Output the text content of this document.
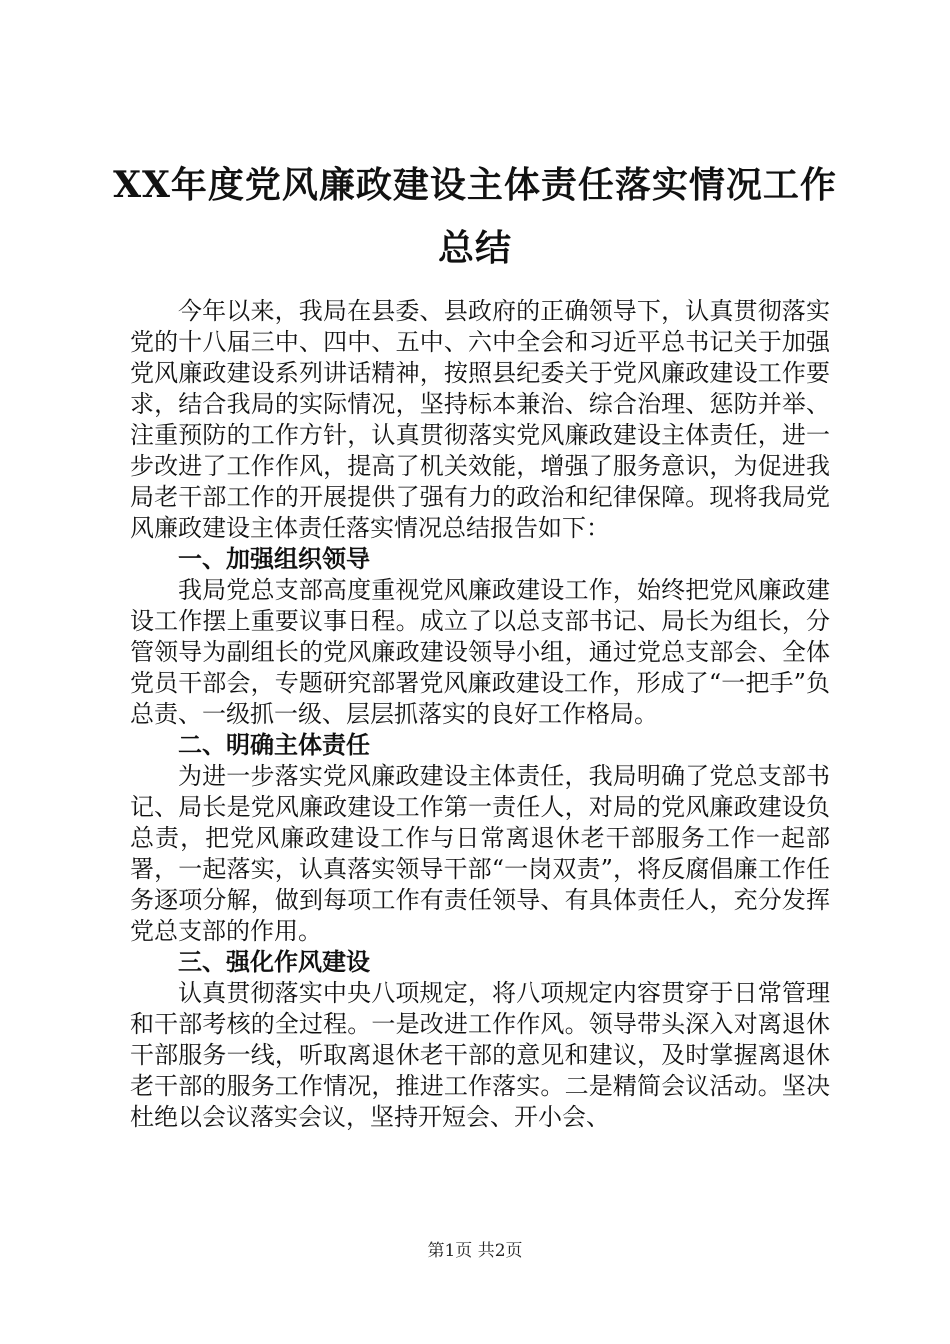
XX年度党风廉政建设主体责任落实情况工作
总结

今年以来，我局在县委、县政府的正确领导下，认真贯彻落实党的十八届三中、四中、五中、六中全会和习近平总书记关于加强党风廉政建设系列讲话精神，按照县纪委关于党风廉政建设工作要求，结合我局的实际情况，坚持标本兼治、综合治理、惩防并举、注重预防的工作方针，认真贯彻落实党风廉政建设主体责任，进一步改进了工作作风，提高了机关效能，增强了服务意识，为促进我局老干部工作的开展提供了强有力的政治和纪律保障。现将我局党风廉政建设主体责任落实情况总结报告如下：

一、加强组织领导

我局党总支部高度重视党风廉政建设工作，始终把党风廉政建设工作摆上重要议事日程。成立了以总支部书记、局长为组长，分管领导为副组长的党风廉政建设领导小组，通过党总支部会、全体党员干部会，专题研究部署党风廉政建设工作，形成了“一把手”负总责、一级抓一级、层层抓落实的良好工作格局。

二、明确主体责任

为进一步落实党风廉政建设主体责任，我局明确了党总支部书记、局长是党风廉政建设工作第一责任人，对局的党风廉政建设负总责，把党风廉政建设工作与日常离退休老干部服务工作一起部署，一起落实，认真落实领导干部“一岗双责”，将反腐倡廉工作任务逐项分解，做到每项工作有责任领导、有具体责任人，充分发挥党总支部的作用。

三、强化作风建设

认真贯彻落实中央八项规定，将八项规定内容贯穿于日常管理和干部考核的全过程。一是改进工作作风。领导带头深入对离退休干部服务一线，听取离退休老干部的意见和建议，及时掌握离退休老干部的服务工作情况，推进工作落实。二是精简会议活动。坚决杜绝以会议落实会议，坚持开短会、开小会、

第1页 共2页
